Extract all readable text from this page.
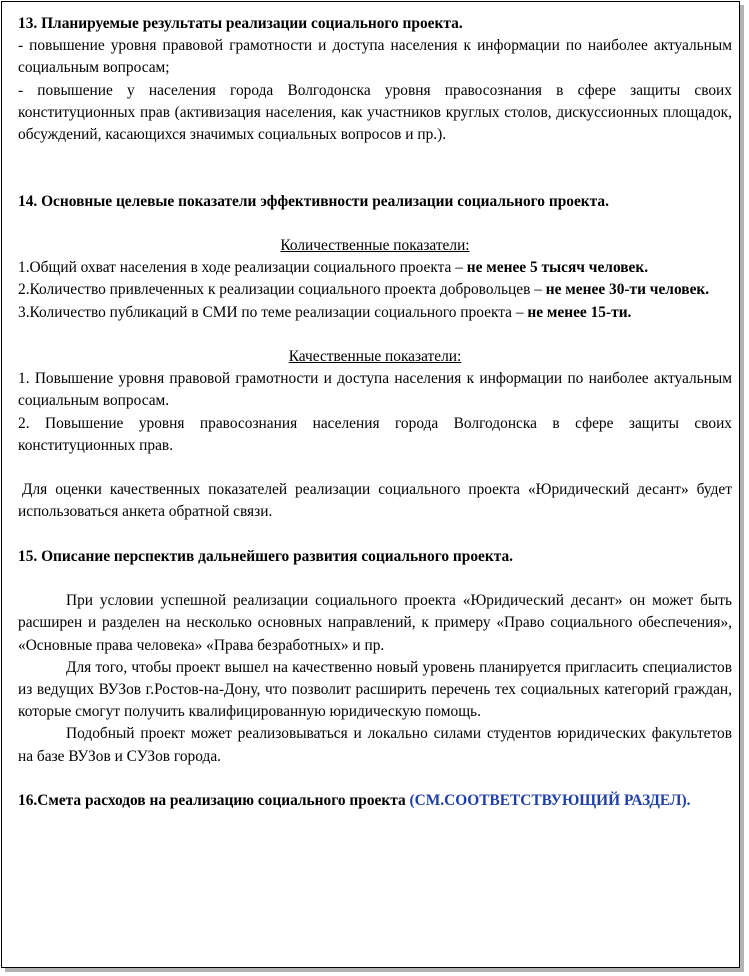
13. Планируемые результаты реализации социального проекта.

- повышение уровня правовой грамотности и доступа населения к информации по наиболее актуальным социальным вопросам;

- повышение у населения города Волгодонска уровня правосознания в сфере защиты своих конституционных прав (активизация населения, как участников круглых столов, дискуссионных площадок, обсуждений, касающихся значимых социальных вопросов и пр.).

14. Основные целевые показатели эффективности реализации социального проекта.

Количественные показатели:

1.Общий охват населения в ходе реализации социального проекта – не менее 5 тысяч человек.

2.Количество привлеченных к реализации социального проекта добровольцев – не менее 30-ти человек.

3.Количество публикаций в СМИ по теме реализации социального проекта – не менее 15-ти.

Качественные показатели:

1. Повышение уровня правовой грамотности и доступа населения к информации по наиболее актуальным социальным вопросам.

2. Повышение уровня правосознания населения города Волгодонска в сфере защиты своих конституционных прав.

Для оценки качественных показателей реализации социального проекта «Юридический десант» будет использоваться анкета обратной связи.

15. Описание перспектив дальнейшего развития социального проекта.

При условии успешной реализации социального проекта «Юридический десант» он может быть расширен и разделен на несколько основных направлений, к примеру «Право социального обеспечения», «Основные права человека» «Права безработных» и пр.

Для того, чтобы проект вышел на качественно новый уровень планируется пригласить специалистов из ведущих ВУЗов г.Ростов-на-Дону, что позволит расширить перечень тех социальных категорий граждан, которые смогут получить квалифицированную юридическую помощь.

Подобный проект может реализовываться и локально силами студентов юридических факультетов на базе ВУЗов и СУЗов города.

16.Смета расходов на реализацию социального проекта (СМ.СООТВЕТСТВУЮЩИЙ РАЗДЕЛ).
